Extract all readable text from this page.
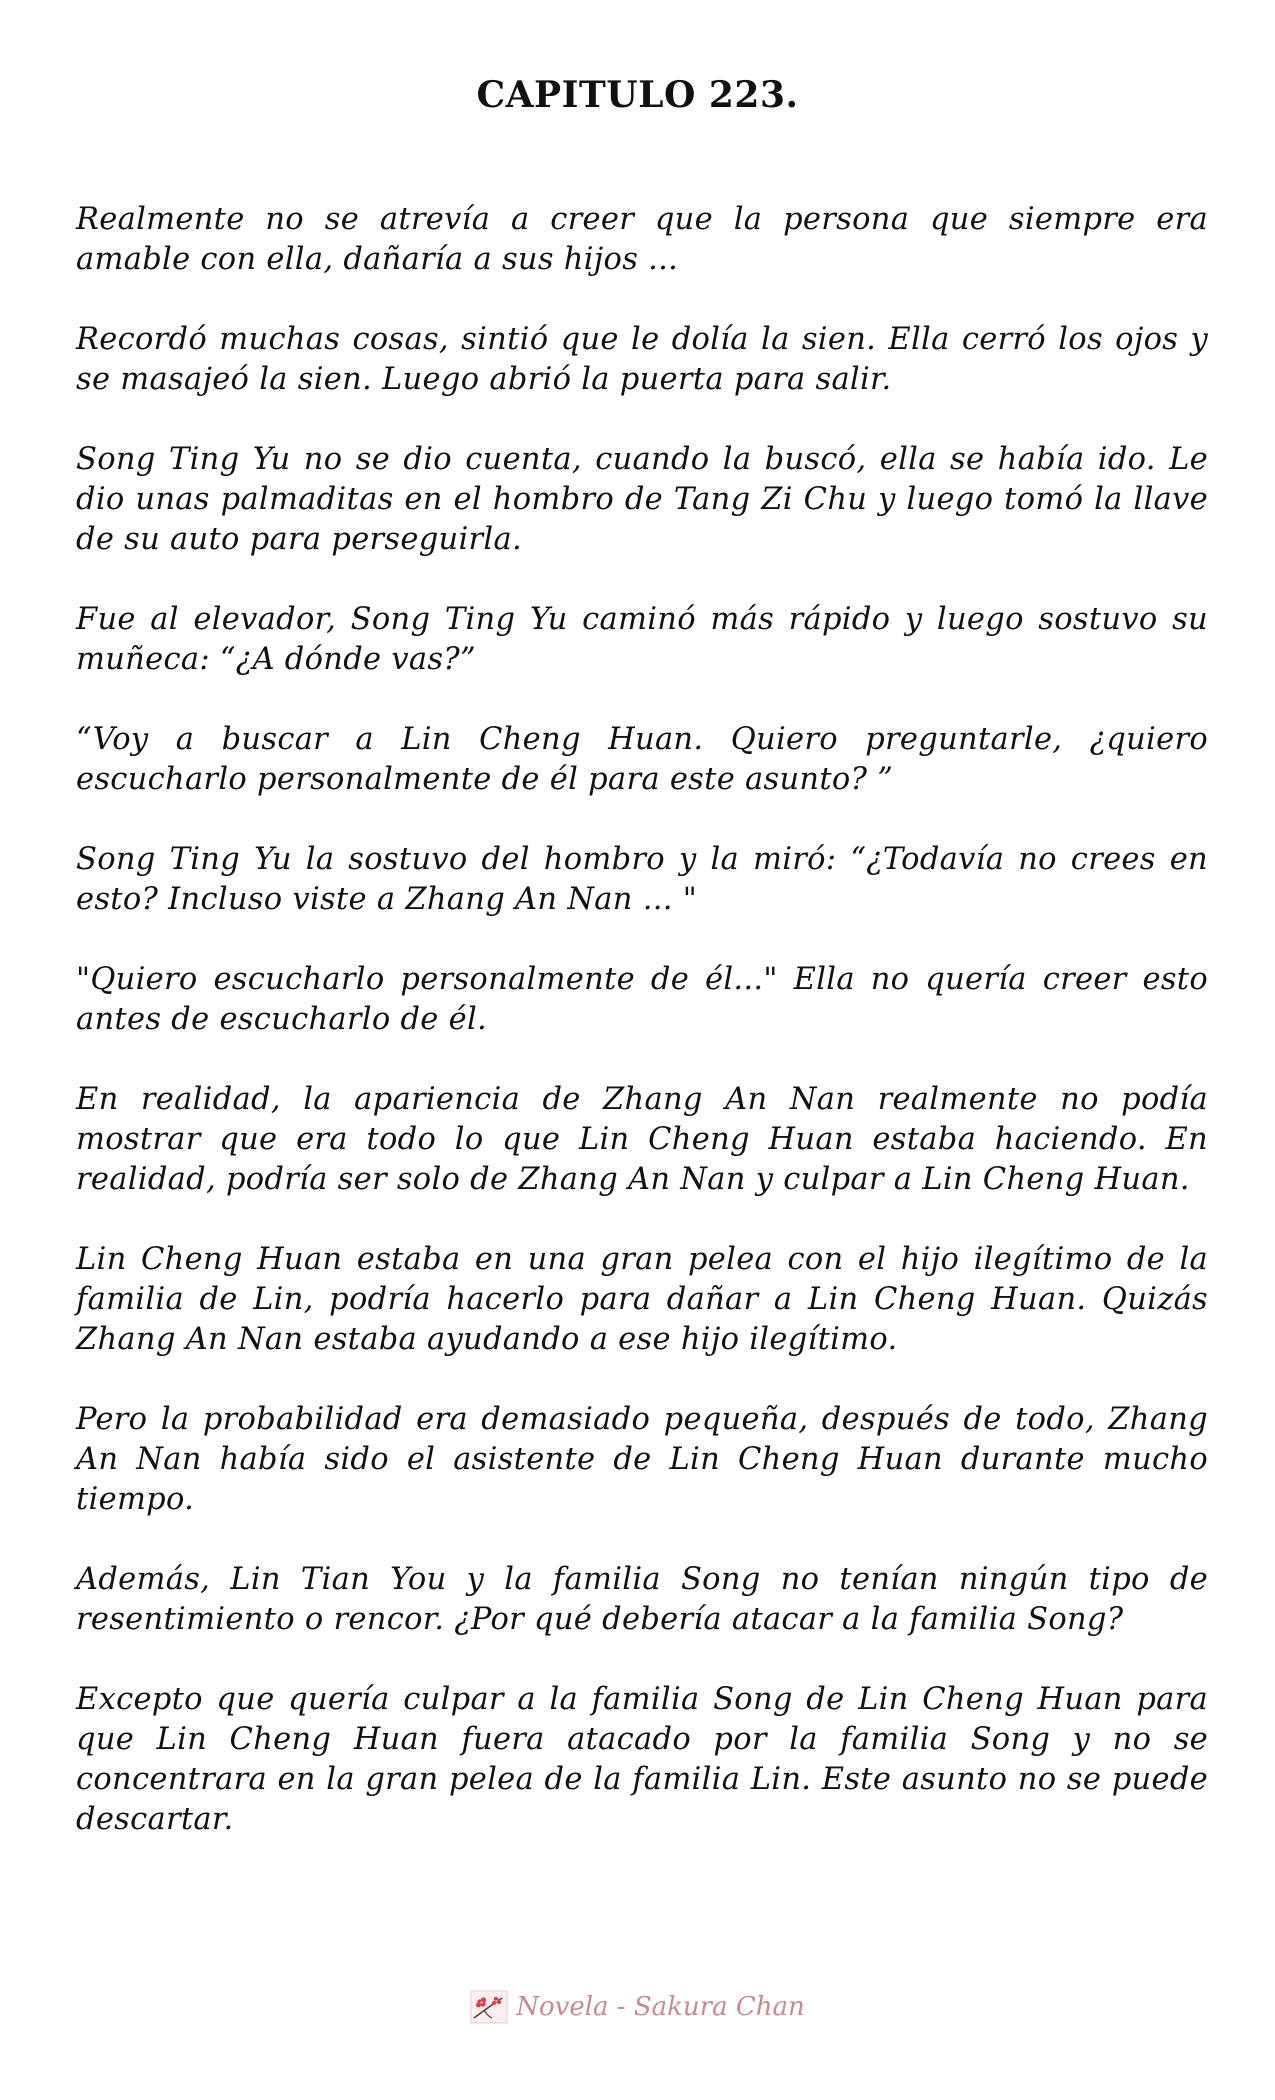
CAPITULO 223.

Realmente no se atrevía a creer que la persona que siempre era amable con ella, dañaría a sus hijos ...

Recordó muchas cosas, sintió que le dolía la sien. Ella cerró los ojos y se masajeó la sien. Luego abrió la puerta para salir.

Song Ting Yu no se dio cuenta, cuando la buscó, ella se había ido. Le dio unas palmaditas en el hombro de Tang Zi Chu y luego tomó la llave de su auto para perseguirla.

Fue al elevador, Song Ting Yu caminó más rápido y luego sostuvo su muñeca: “¿A dónde vas?”

“Voy a buscar a Lin Cheng Huan. Quiero preguntarle, ¿quiero escucharlo personalmente de él para este asunto? ”

Song Ting Yu la sostuvo del hombro y la miró: “¿Todavía no crees en esto? Incluso viste a Zhang An Nan ... "

"Quiero escucharlo personalmente de él..." Ella no quería creer esto antes de escucharlo de él.

En realidad, la apariencia de Zhang An Nan realmente no podía mostrar que era todo lo que Lin Cheng Huan estaba haciendo. En realidad, podría ser solo de Zhang An Nan y culpar a Lin Cheng Huan.

Lin Cheng Huan estaba en una gran pelea con el hijo ilegítimo de la familia de Lin, podría hacerlo para dañar a Lin Cheng Huan. Quizás Zhang An Nan estaba ayudando a ese hijo ilegítimo.

Pero la probabilidad era demasiado pequeña, después de todo, Zhang An Nan había sido el asistente de Lin Cheng Huan durante mucho tiempo.

Además, Lin Tian You y la familia Song no tenían ningún tipo de resentimiento o rencor. ¿Por qué debería atacar a la familia Song?

Excepto que quería culpar a la familia Song de Lin Cheng Huan para que Lin Cheng Huan fuera atacado por la familia Song y no se concentrara en la gran pelea de la familia Lin. Este asunto no se puede descartar.

Novela - Sakura Chan
